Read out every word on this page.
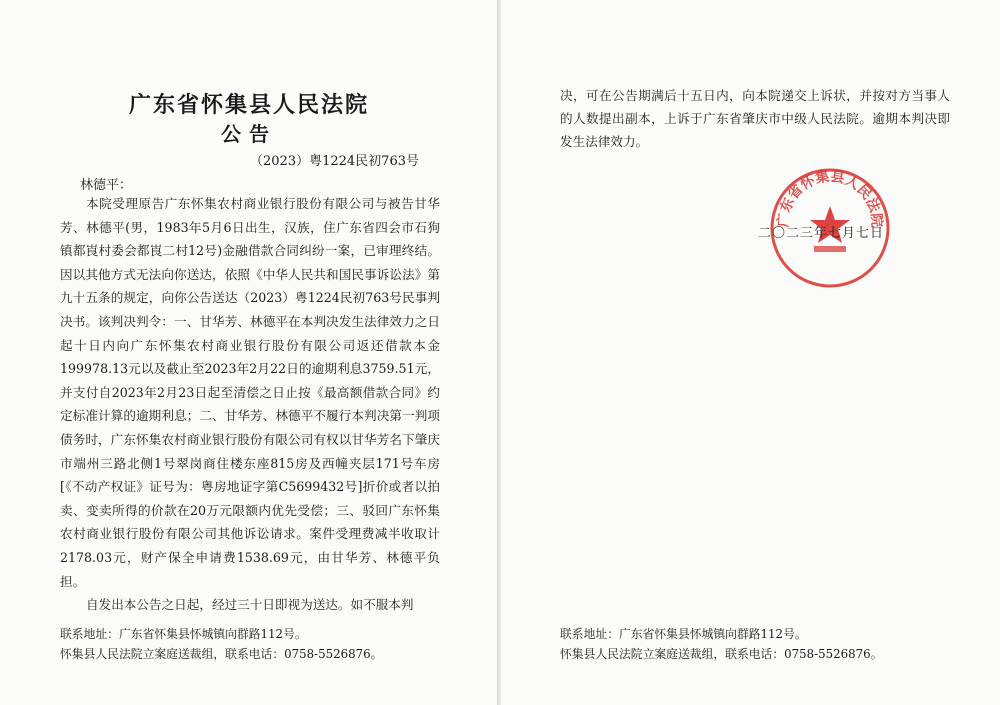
广东省怀集县人民法院
公告
（2023）粤1224民初763号
林德平：

本院受理原告广东怀集农村商业银行股份有限公司与被告甘华芳、林德平(男，1983年5月6日出生，汉族，住广东省四会市石狗镇都崀村委会都崀二村12号)金融借款合同纠纷一案，已审理终结。因以其他方式无法向你送达，依照《中华人民共和国民事诉讼法》第九十五条的规定，向你公告送达（2023）粤1224民初763号民事判决书。该判决判令：一、甘华芳、林德平在本判决发生法律效力之日起十日内向广东怀集农村商业银行股份有限公司返还借款本金199978.13元以及截止至2023年2月22日的逾期利息3759.51元，并支付自2023年2月23日起至清偿之日止按《最高额借款合同》约定标准计算的逾期利息；二、甘华芳、林德平不履行本判决第一判项债务时，广东怀集农村商业银行股份有限公司有权以甘华芳名下肇庆市端州三路北侧1号翠岗商住楼东座815房及西幢夹层171号车房[《不动产权证》证号为：粤房地证字第C5699432号]折价或者以拍卖、变卖所得的价款在20万元限额内优先受偿；三、驳回广东怀集农村商业银行股份有限公司其他诉讼请求。案件受理费减半收取计2178.03元，财产保全申请费1538.69元，由甘华芳、林德平负担。

自发出本公告之日起，经过三十日即视为送达。如不服本判

联系地址：广东省怀集县怀城镇向群路112号。
怀集县人民法院立案庭送裁组，联系电话：0758-5526876。
决，可在公告期满后十五日内，向本院递交上诉状，并按对方当事人的人数提出副本，上诉于广东省肇庆市中级人民法院。逾期本判决即发生法律效力。
广东省怀集县人民法院
二〇二三年七月七日
联系地址：广东省怀集县怀城镇向群路112号。
怀集县人民法院立案庭送裁组，联系电话：0758-5526876。
